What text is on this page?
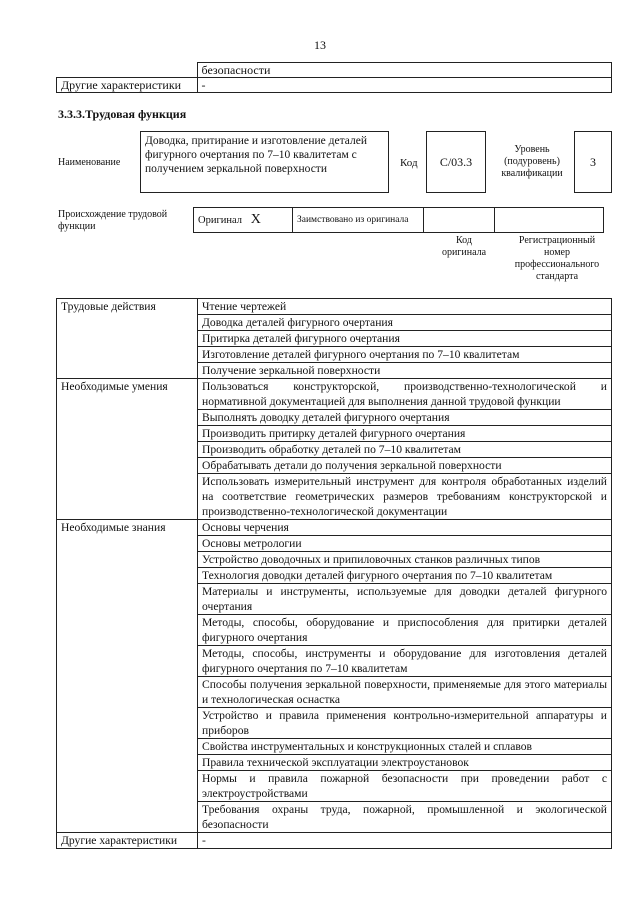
13
	безопасности
Другие характеристики	-
3.3.3.Трудовая функция
Наименование
Доводка, притирание и изготовление деталей фигурного очертания по 7–10 квалитетам с получением зеркальной поверхности	Код C/03.3
Уровень (подуровень) квалификации
3
Происхождение трудовой функции
Оригинал X	Заимствовано из оригинала		
Код оригинала
Регистрационный номер профессионального стандарта
Трудовые действия	Чтение чертежей
	Доводка деталей фигурного очертания
	Притирка деталей фигурного очертания
	Изготовление деталей фигурного очертания по 7–10 квалитетам
	Получение зеркальной поверхности
Необходимые умения	Пользоваться конструкторской, производственно-технологической и нормативной документацией для выполнения данной трудовой функции
	Выполнять доводку деталей фигурного очертания
	Производить притирку деталей фигурного очертания
	Производить обработку деталей по 7–10 квалитетам
	Обрабатывать детали до получения зеркальной поверхности
	Использовать измерительный инструмент для контроля обработанных изделий на соответствие геометрических размеров требованиям конструкторской и производственно-технологической документации
Необходимые знания	Основы черчения
	Основы метрологии
	Устройство доводочных и припиловочных станков различных типов
	Технология доводки деталей фигурного очертания по 7–10 квалитетам
	Материалы и инструменты, используемые для доводки деталей фигурного очертания
	Методы, способы, оборудование и приспособления для притирки деталей фигурного очертания
	Методы, способы, инструменты и оборудование для изготовления деталей фигурного очертания по 7–10 квалитетам
	Способы получения зеркальной поверхности, применяемые для этого материалы и технологическая оснастка
	Устройство и правила применения контрольно-измерительной аппаратуры и приборов
	Свойства инструментальных и конструкционных сталей и сплавов
	Правила технической эксплуатации электроустановок
	Нормы и правила пожарной безопасности при проведении работ с электроустройствами
	Требования охраны труда, пожарной, промышленной и экологической безопасности
Другие характеристики	-
